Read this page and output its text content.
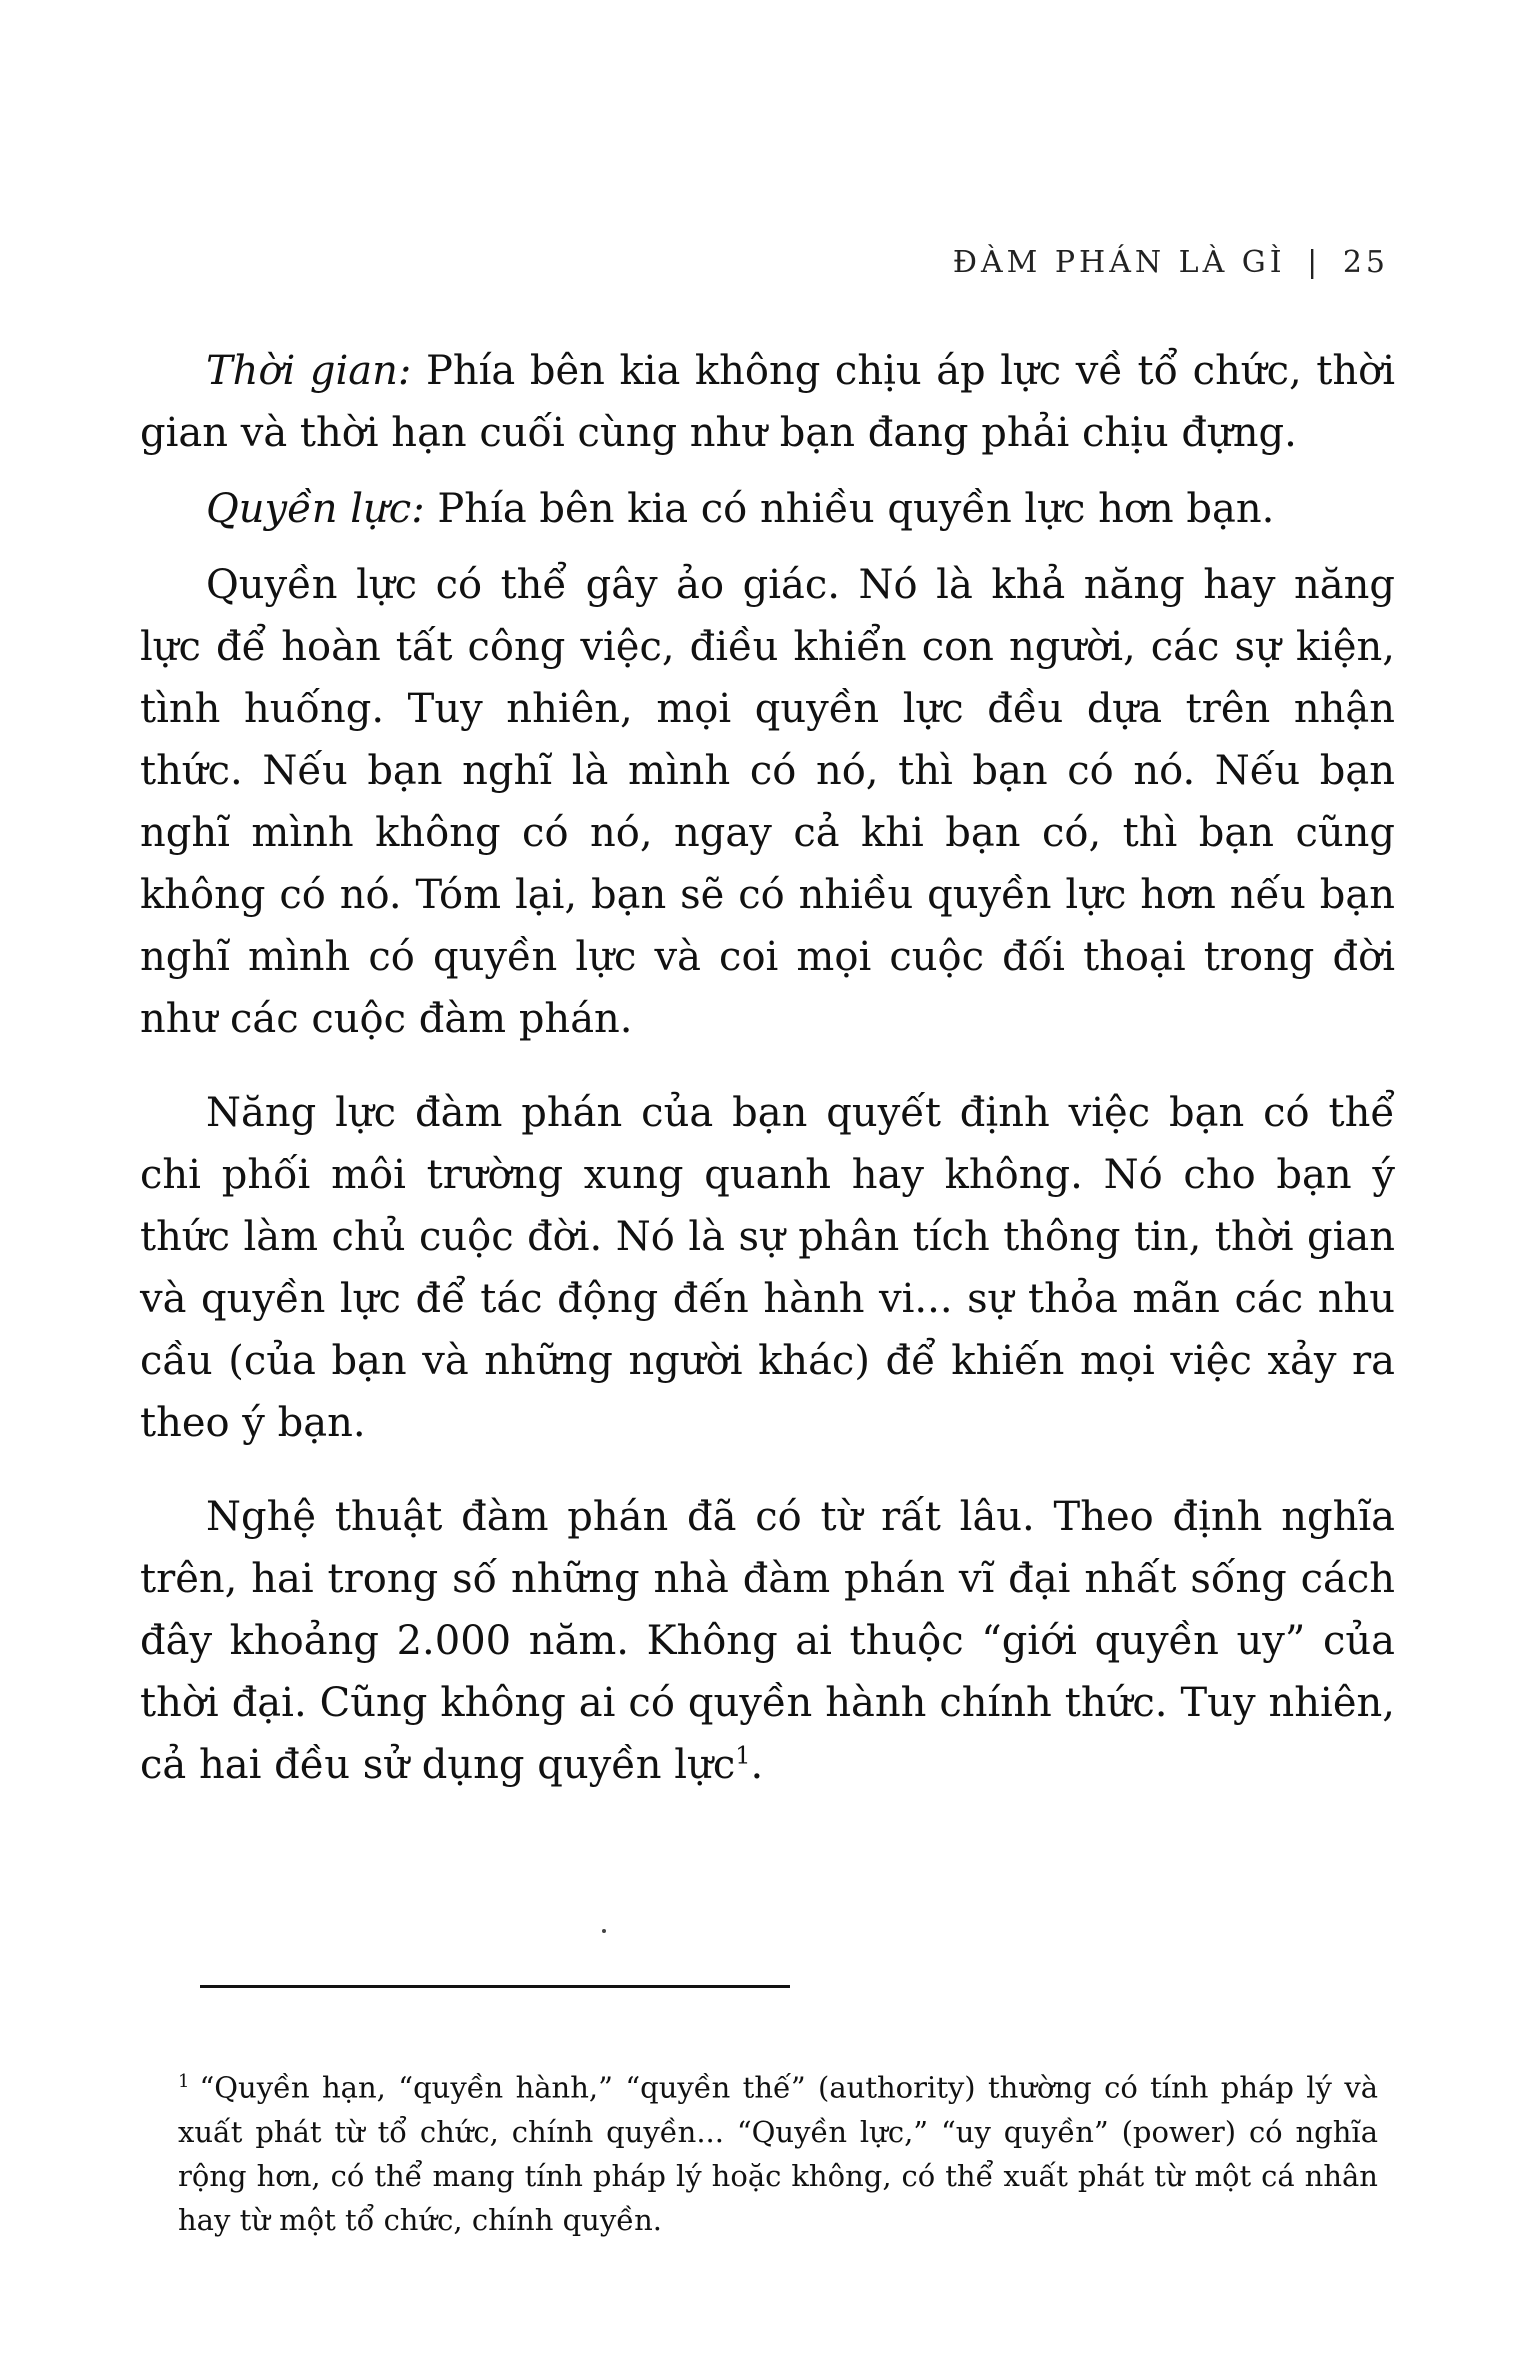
ĐÀM PHÁN LÀ GÌ | 25

Thời gian: Phía bên kia không chịu áp lực về tổ chức, thời gian và thời hạn cuối cùng như bạn đang phải chịu đựng.

Quyền lực: Phía bên kia có nhiều quyền lực hơn bạn.

Quyền lực có thể gây ảo giác. Nó là khả năng hay năng lực để hoàn tất công việc, điều khiển con người, các sự kiện, tình huống. Tuy nhiên, mọi quyền lực đều dựa trên nhận thức. Nếu bạn nghĩ là mình có nó, thì bạn có nó. Nếu bạn nghĩ mình không có nó, ngay cả khi bạn có, thì bạn cũng không có nó. Tóm lại, bạn sẽ có nhiều quyền lực hơn nếu bạn nghĩ mình có quyền lực và coi mọi cuộc đối thoại trong đời như các cuộc đàm phán.

Năng lực đàm phán của bạn quyết định việc bạn có thể chi phối môi trường xung quanh hay không. Nó cho bạn ý thức làm chủ cuộc đời. Nó là sự phân tích thông tin, thời gian và quyền lực để tác động đến hành vi... sự thỏa mãn các nhu cầu (của bạn và những người khác) để khiến mọi việc xảy ra theo ý bạn.

Nghệ thuật đàm phán đã có từ rất lâu. Theo định nghĩa trên, hai trong số những nhà đàm phán vĩ đại nhất sống cách đây khoảng 2.000 năm. Không ai thuộc “giới quyền uy” của thời đại. Cũng không ai có quyền hành chính thức. Tuy nhiên, cả hai đều sử dụng quyền lực$^1$.

$^1$ “Quyền hạn, “quyền hành,” “quyền thế” (authority) thường có tính pháp lý và xuất phát từ tổ chức, chính quyền... “Quyền lực,” “uy quyền” (power) có nghĩa rộng hơn, có thể mang tính pháp lý hoặc không, có thể xuất phát từ một cá nhân hay từ một tổ chức, chính quyền.
